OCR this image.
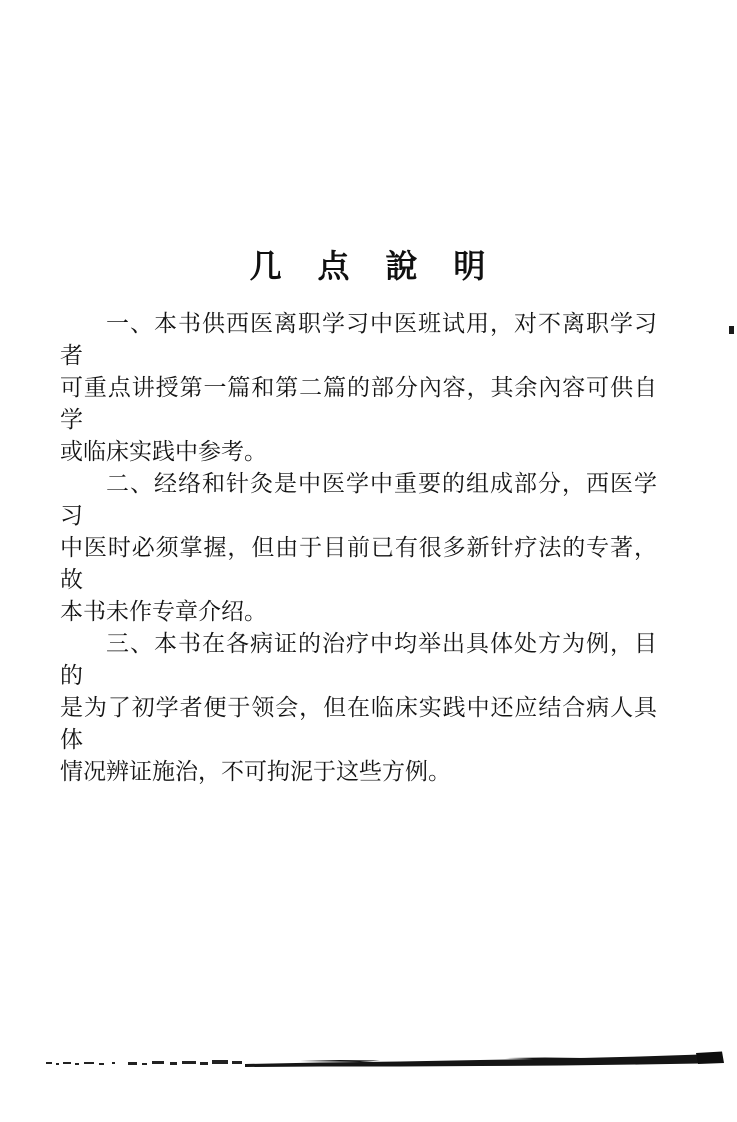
几 点 說 明

一、本书供西医离职学习中医班试用，对不离职学习者

可重点讲授第一篇和第二篇的部分內容，其余內容可供自学

或临床实践中参考。

二、经络和针灸是中医学中重要的组成部分，西医学习

中医时必须掌握，但由于目前已有很多新针疗法的专著，故

本书未作专章介绍。

三、本书在各病证的治疗中均举出具体处方为例，目的

是为了初学者便于领会，但在临床实践中还应结合病人具体

情况辨证施治，不可拘泥于这些方例。
